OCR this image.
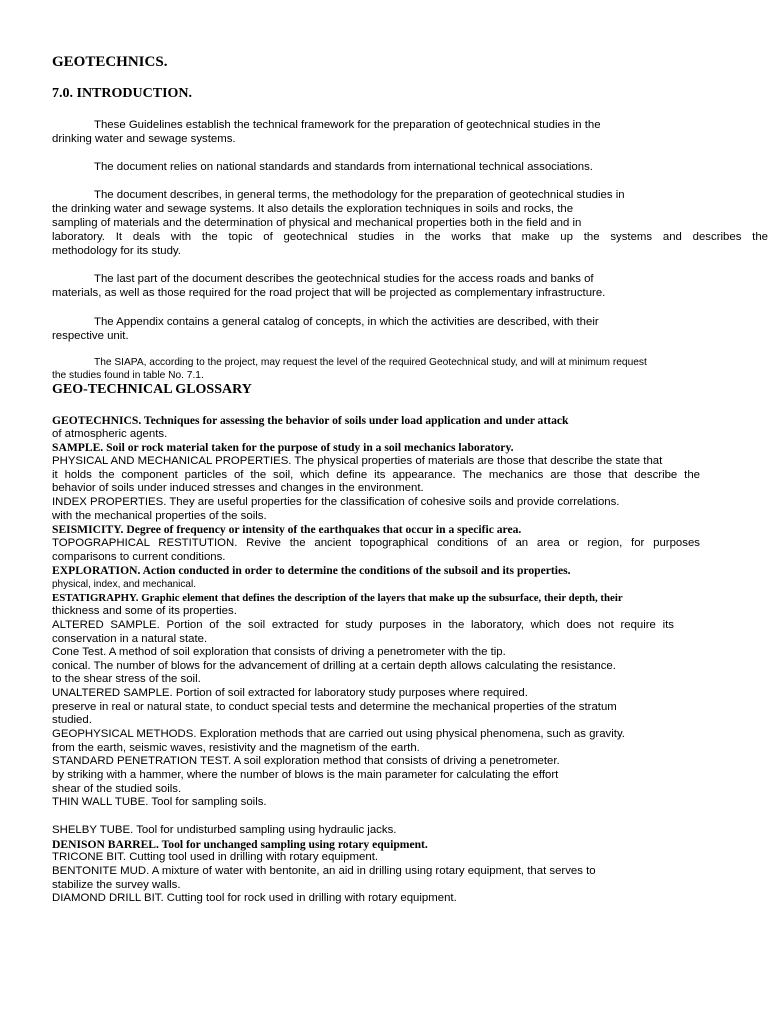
GEOTECHNICS.
7.0. INTRODUCTION.
These Guidelines establish the technical framework for the preparation of geotechnical studies in the
drinking water and sewage systems.
The document relies on national standards and standards from international technical associations.
The document describes, in general terms, the methodology for the preparation of geotechnical studies in
the drinking water and sewage systems. It also details the exploration techniques in soils and rocks, the
sampling of materials and the determination of physical and mechanical properties both in the field and in
laboratory. It deals with the topic of geotechnical studies in the works that make up the systems and describes the
methodology for its study.
The last part of the document describes the geotechnical studies for the access roads and banks of
materials, as well as those required for the road project that will be projected as complementary infrastructure.
The Appendix contains a general catalog of concepts, in which the activities are described, with their
respective unit.
The SIAPA, according to the project, may request the level of the required Geotechnical study, and will at minimum request
the studies found in table No. 7.1.
GEO-TECHNICAL GLOSSARY
GEOTECHNICS. Techniques for assessing the behavior of soils under load application and under attack
of atmospheric agents.
SAMPLE. Soil or rock material taken for the purpose of study in a soil mechanics laboratory.
PHYSICAL AND MECHANICAL PROPERTIES. The physical properties of materials are those that describe the state that
it holds the component particles of the soil, which define its appearance. The mechanics are those that describe the
behavior of soils under induced stresses and changes in the environment.
INDEX PROPERTIES. They are useful properties for the classification of cohesive soils and provide correlations.
with the mechanical properties of the soils.
SEISMICITY. Degree of frequency or intensity of the earthquakes that occur in a specific area.
TOPOGRAPHICAL RESTITUTION. Revive the ancient topographical conditions of an area or region, for purposes
comparisons to current conditions.
EXPLORATION. Action conducted in order to determine the conditions of the subsoil and its properties.
physical, index, and mechanical.
ESTATIGRAPHY. Graphic element that defines the description of the layers that make up the subsurface, their depth, their
thickness and some of its properties.
ALTERED SAMPLE. Portion of the soil extracted for study purposes in the laboratory, which does not require its
conservation in a natural state.
Cone Test. A method of soil exploration that consists of driving a penetrometer with the tip.
conical. The number of blows for the advancement of drilling at a certain depth allows calculating the resistance.
to the shear stress of the soil.
UNALTERED SAMPLE. Portion of soil extracted for laboratory study purposes where required.
preserve in real or natural state, to conduct special tests and determine the mechanical properties of the stratum
studied.
GEOPHYSICAL METHODS. Exploration methods that are carried out using physical phenomena, such as gravity.
from the earth, seismic waves, resistivity and the magnetism of the earth.
STANDARD PENETRATION TEST. A soil exploration method that consists of driving a penetrometer.
by striking with a hammer, where the number of blows is the main parameter for calculating the effort
shear of the studied soils.
THIN WALL TUBE. Tool for sampling soils.
SHELBY TUBE. Tool for undisturbed sampling using hydraulic jacks.
DENISON BARREL. Tool for unchanged sampling using rotary equipment.
TRICONE BIT. Cutting tool used in drilling with rotary equipment.
BENTONITE MUD. A mixture of water with bentonite, an aid in drilling using rotary equipment, that serves to
stabilize the survey walls.
DIAMOND DRILL BIT. Cutting tool for rock used in drilling with rotary equipment.
